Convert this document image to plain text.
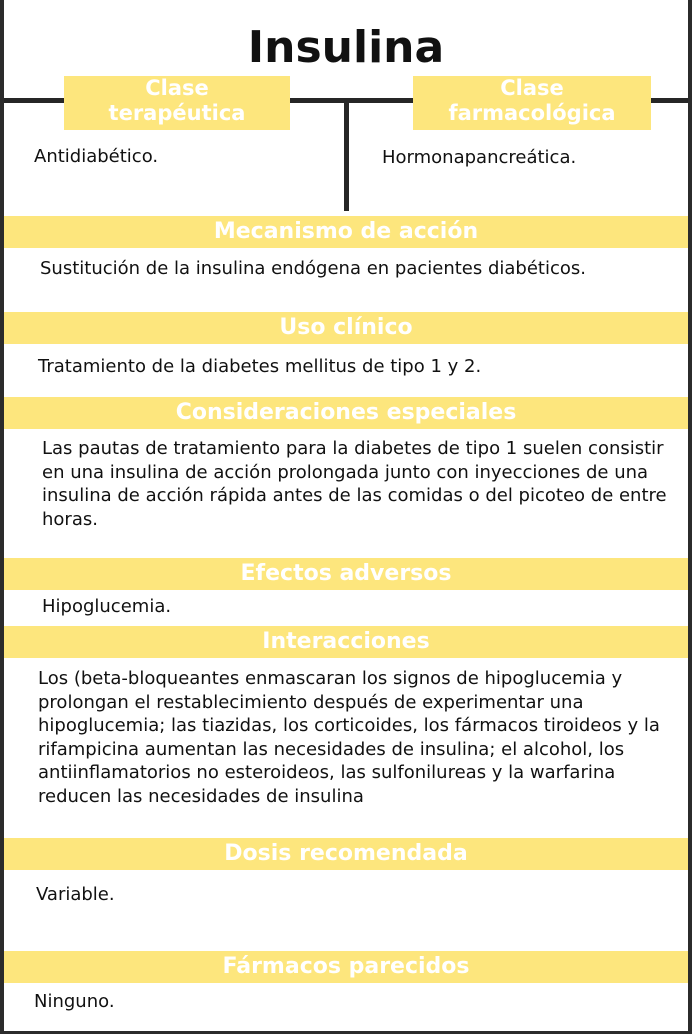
Insulina
Clase
terapéutica
Clase
farmacológica
Antidiabético.	Hormonapancreática.
Mecanismo de acción
Sustitución de la insulina endógena en pacientes diabéticos.
Uso clínico
Tratamiento de la diabetes mellitus de tipo 1 y 2.
Consideraciones especiales
Las pautas de tratamiento para la diabetes de tipo 1 suelen consistir en una insulina de acción prolongada junto con inyecciones de una insulina de acción rápida antes de las comidas o del picoteo de entre horas.
Efectos adversos
Hipoglucemia.
Interacciones
Los (beta-bloqueantes enmascaran los signos de hipoglucemia y prolongan el restablecimiento después de experimentar una hipoglucemia; las tiazidas, los corticoides, los fármacos tiroideos y la rifampicina aumentan las necesidades de insulina; el alcohol, los antiinflamatorios no esteroideos, las sulfonilureas y la warfarina reducen las necesidades de insulina
Dosis recomendada
Variable.
Fármacos parecidos
Ninguno.
